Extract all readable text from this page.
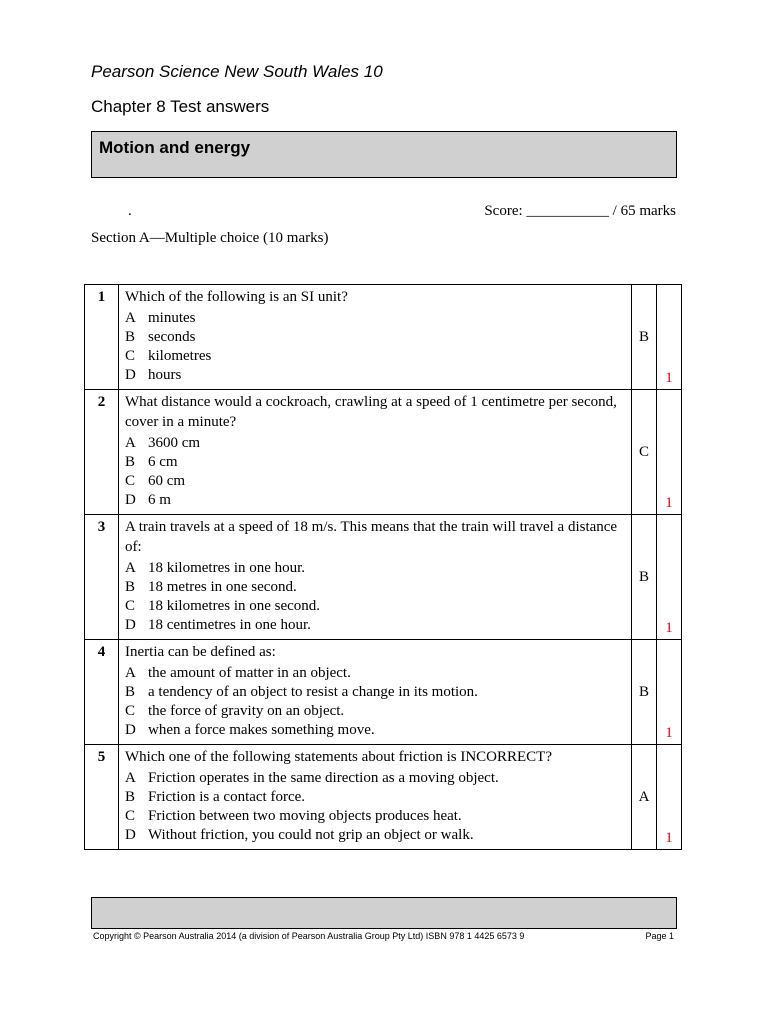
Pearson Science New South Wales 10
Chapter 8 Test answers
Motion and energy
.	Score: ___________ / 65 marks
Section A—Multiple choice (10 marks)
1	Which of the following is an SI unit?
A minutes
B seconds
C kilometres
D hours	B	1

2	What distance would a cockroach, crawling at a speed of 1 centimetre per second, cover in a minute?
A 3600 cm
B 6 cm
C 60 cm
D 6 m	C	1

3	A train travels at a speed of 18 m/s. This means that the train will travel a distance of:
A 18 kilometres in one hour.
B 18 metres in one second.
C 18 kilometres in one second.
D 18 centimetres in one hour.	B	1

4	Inertia can be defined as:
A the amount of matter in an object.
B a tendency of an object to resist a change in its motion.
C the force of gravity on an object.
D when a force makes something move.	B	1

5	Which one of the following statements about friction is INCORRECT?
A Friction operates in the same direction as a moving object.
B Friction is a contact force.
C Friction between two moving objects produces heat.
D Without friction, you could not grip an object or walk.	A	1
Copyright © Pearson Australia 2014 (a division of Pearson Australia Group Pty Ltd) ISBN 978 1 4425 6573 9	Page 1
